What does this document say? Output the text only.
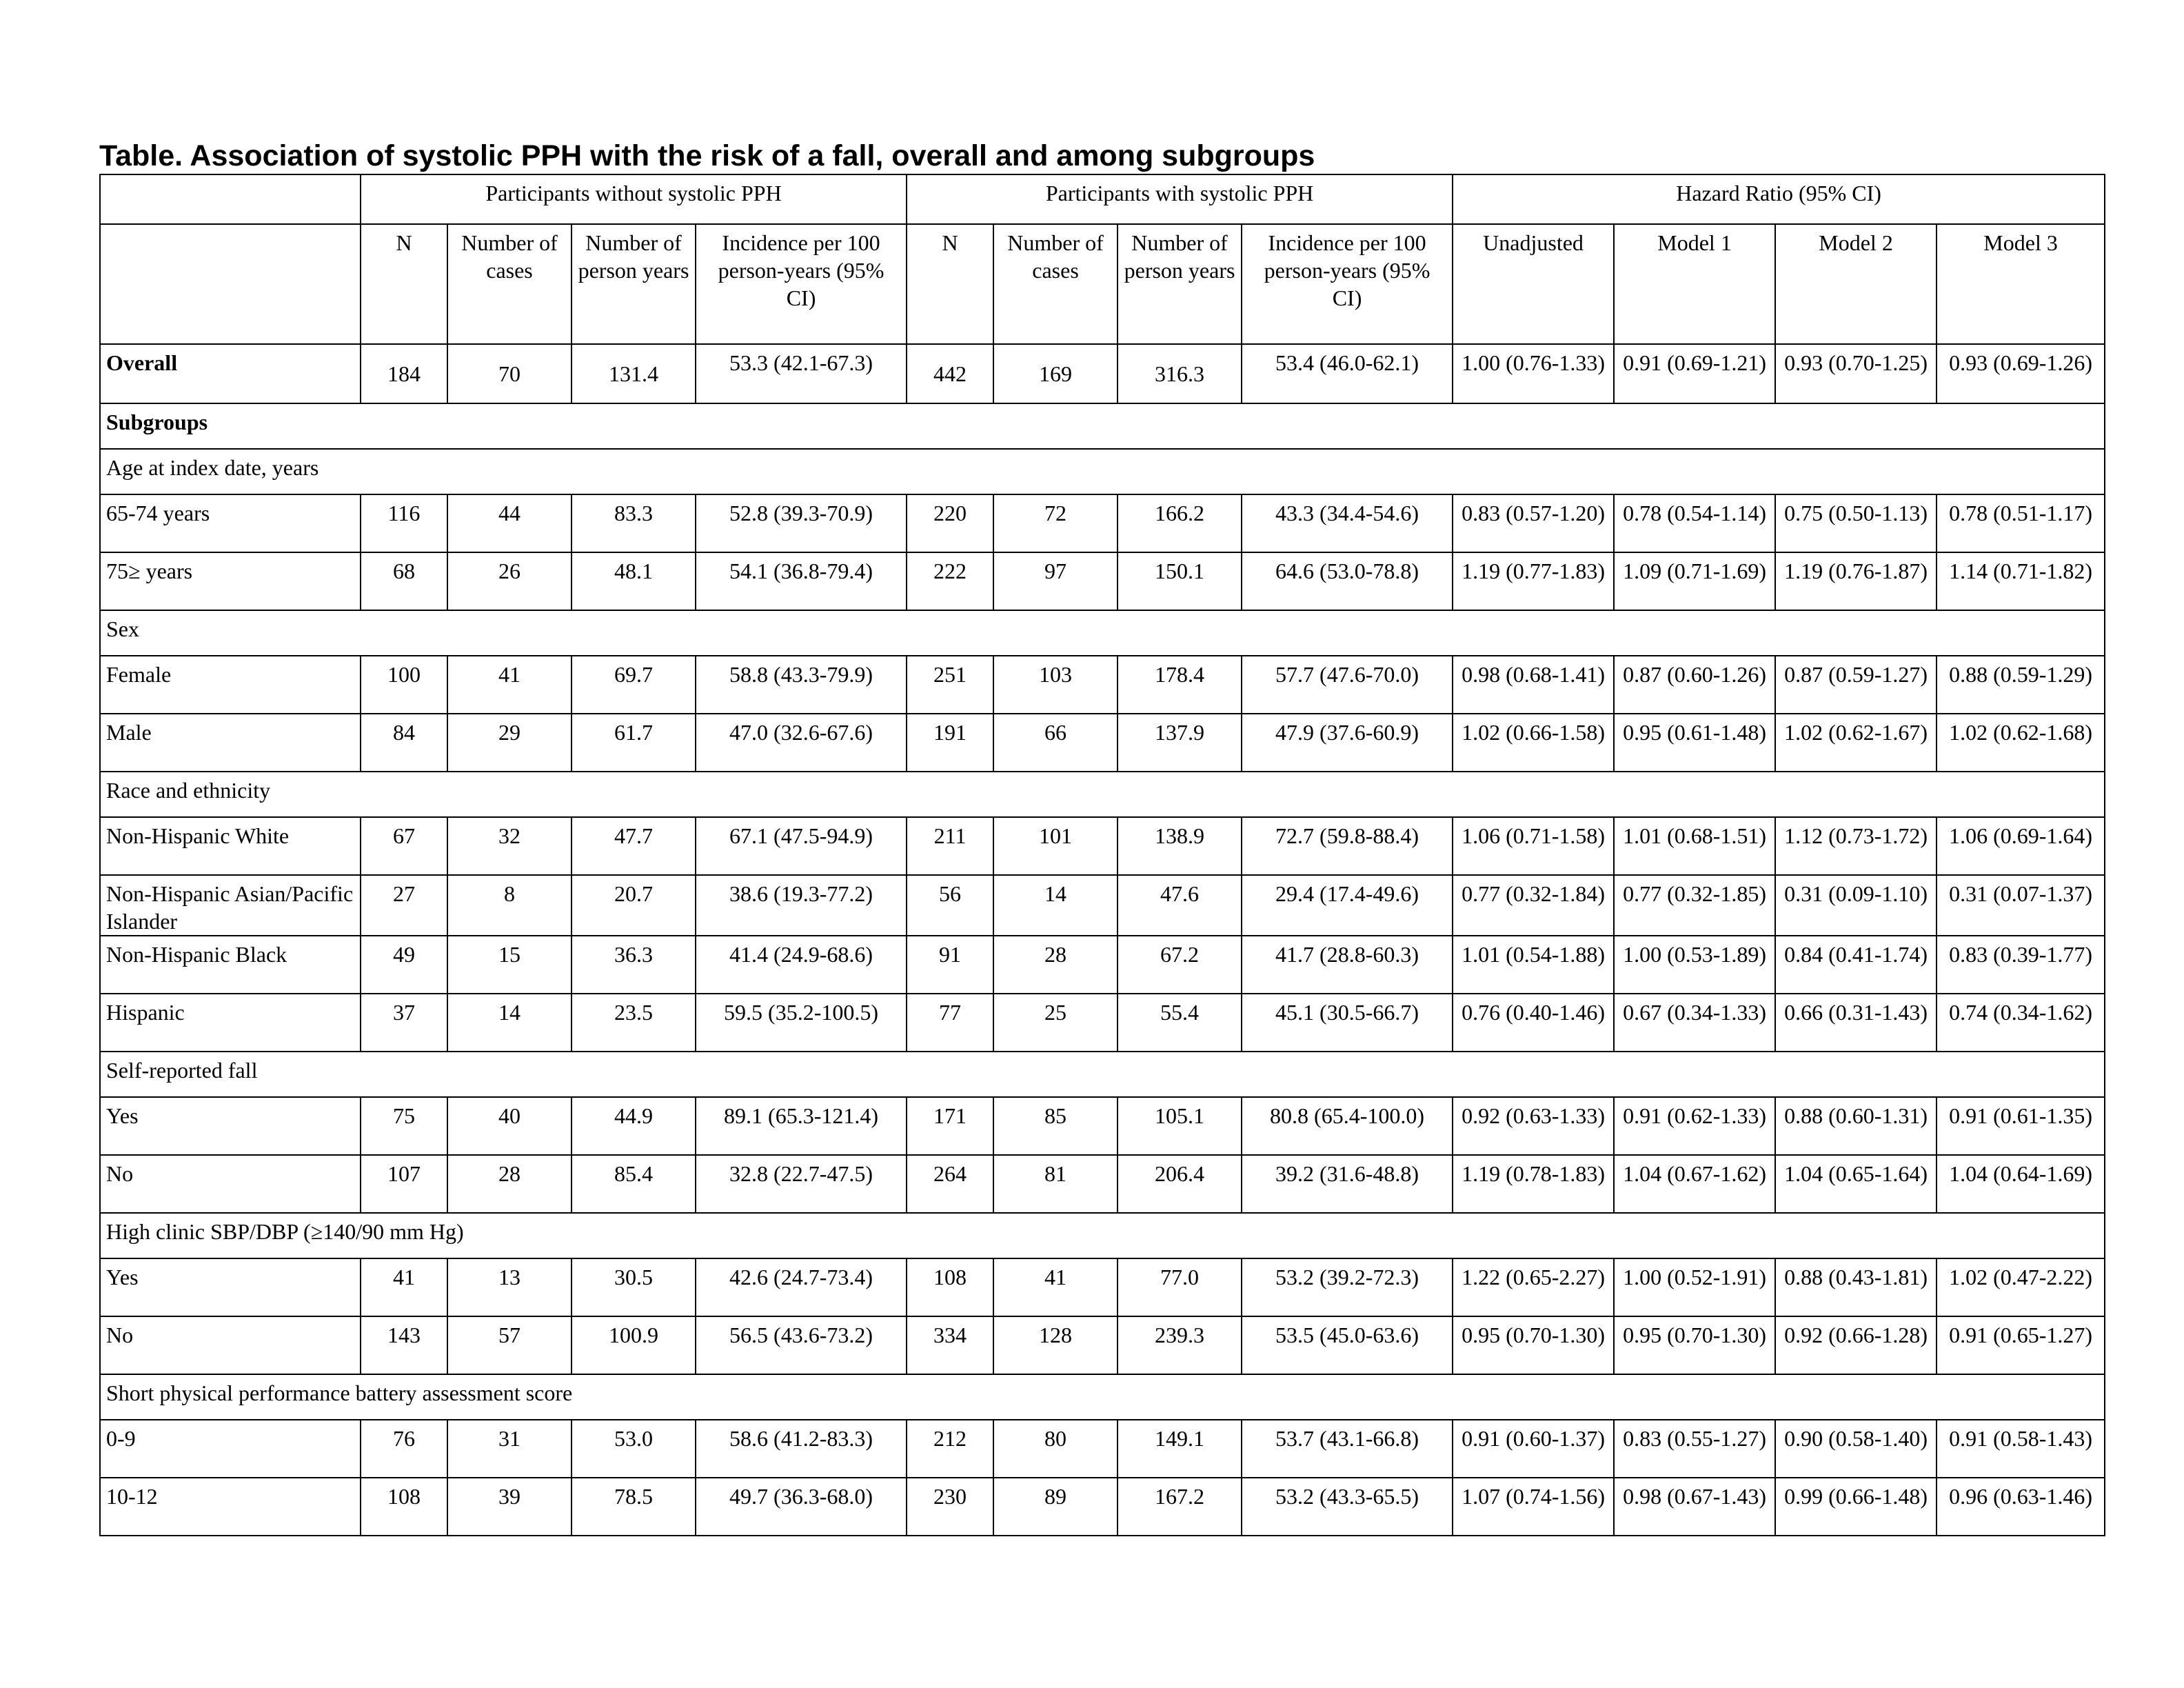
Table. Association of systolic PPH with the risk of a fall, overall and among subgroups
	Participants without systolic PPH				Participants with systolic PPH				Hazard Ratio (95% CI)			
	N	Number of cases	Number of person years	Incidence per 100 person-years (95% CI)	N	Number of cases	Number of person years	Incidence per 100 person-years (95% CI)	Unadjusted	Model 1	Model 2	Model 3
Overall	184	70	131.4	53.3 (42.1-67.3)	442	169	316.3	53.4 (46.0-62.1)	1.00 (0.76-1.33)	0.91 (0.69-1.21)	0.93 (0.70-1.25)	0.93 (0.69-1.26)
Subgroups												
Age at index date, years												
65-74 years	116	44	83.3	52.8 (39.3-70.9)	220	72	166.2	43.3 (34.4-54.6)	0.83 (0.57-1.20)	0.78 (0.54-1.14)	0.75 (0.50-1.13)	0.78 (0.51-1.17)
75≥ years	68	26	48.1	54.1 (36.8-79.4)	222	97	150.1	64.6 (53.0-78.8)	1.19 (0.77-1.83)	1.09 (0.71-1.69)	1.19 (0.76-1.87)	1.14 (0.71-1.82)
Sex												
Female	100	41	69.7	58.8 (43.3-79.9)	251	103	178.4	57.7 (47.6-70.0)	0.98 (0.68-1.41)	0.87 (0.60-1.26)	0.87 (0.59-1.27)	0.88 (0.59-1.29)
Male	84	29	61.7	47.0 (32.6-67.6)	191	66	137.9	47.9 (37.6-60.9)	1.02 (0.66-1.58)	0.95 (0.61-1.48)	1.02 (0.62-1.67)	1.02 (0.62-1.68)
Race and ethnicity												
Non-Hispanic White	67	32	47.7	67.1 (47.5-94.9)	211	101	138.9	72.7 (59.8-88.4)	1.06 (0.71-1.58)	1.01 (0.68-1.51)	1.12 (0.73-1.72)	1.06 (0.69-1.64)
Non-Hispanic Asian/Pacific Islander	27	8	20.7	38.6 (19.3-77.2)	56	14	47.6	29.4 (17.4-49.6)	0.77 (0.32-1.84)	0.77 (0.32-1.85)	0.31 (0.09-1.10)	0.31 (0.07-1.37)
Non-Hispanic Black	49	15	36.3	41.4 (24.9-68.6)	91	28	67.2	41.7 (28.8-60.3)	1.01 (0.54-1.88)	1.00 (0.53-1.89)	0.84 (0.41-1.74)	0.83 (0.39-1.77)
Hispanic	37	14	23.5	59.5 (35.2-100.5)	77	25	55.4	45.1 (30.5-66.7)	0.76 (0.40-1.46)	0.67 (0.34-1.33)	0.66 (0.31-1.43)	0.74 (0.34-1.62)
Self-reported fall												
Yes	75	40	44.9	89.1 (65.3-121.4)	171	85	105.1	80.8 (65.4-100.0)	0.92 (0.63-1.33)	0.91 (0.62-1.33)	0.88 (0.60-1.31)	0.91 (0.61-1.35)
No	107	28	85.4	32.8 (22.7-47.5)	264	81	206.4	39.2 (31.6-48.8)	1.19 (0.78-1.83)	1.04 (0.67-1.62)	1.04 (0.65-1.64)	1.04 (0.64-1.69)
High clinic SBP/DBP (≥140/90 mm Hg)												
Yes	41	13	30.5	42.6 (24.7-73.4)	108	41	77.0	53.2 (39.2-72.3)	1.22 (0.65-2.27)	1.00 (0.52-1.91)	0.88 (0.43-1.81)	1.02 (0.47-2.22)
No	143	57	100.9	56.5 (43.6-73.2)	334	128	239.3	53.5 (45.0-63.6)	0.95 (0.70-1.30)	0.95 (0.70-1.30)	0.92 (0.66-1.28)	0.91 (0.65-1.27)
Short physical performance battery assessment score												
0-9	76	31	53.0	58.6 (41.2-83.3)	212	80	149.1	53.7 (43.1-66.8)	0.91 (0.60-1.37)	0.83 (0.55-1.27)	0.90 (0.58-1.40)	0.91 (0.58-1.43)
10-12	108	39	78.5	49.7 (36.3-68.0)	230	89	167.2	53.2 (43.3-65.5)	1.07 (0.74-1.56)	0.98 (0.67-1.43)	0.99 (0.66-1.48)	0.96 (0.63-1.46)
